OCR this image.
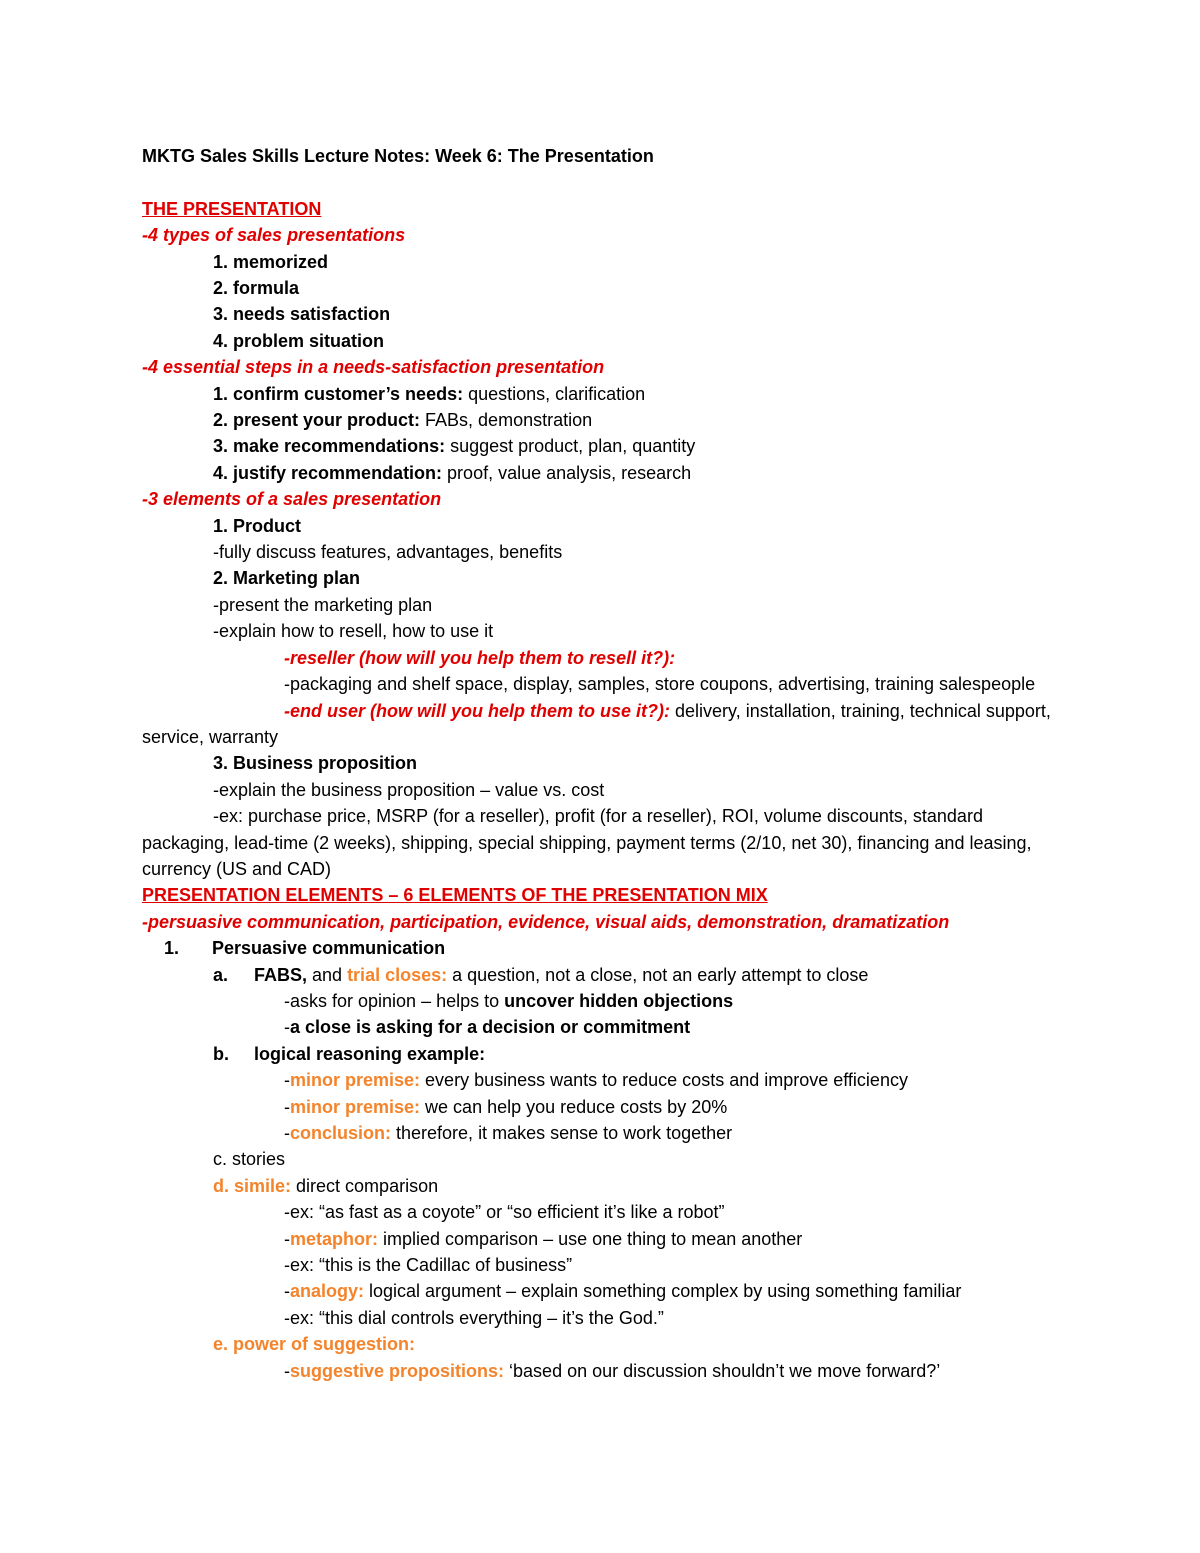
MKTG Sales Skills Lecture Notes: Week 6: The Presentation

THE PRESENTATION

-4 types of sales presentations

1. memorized

2. formula

3. needs satisfaction

4. problem situation

-4 essential steps in a needs-satisfaction presentation

1. confirm customer’s needs: questions, clarification

2. present your product: FABs, demonstration

3. make recommendations: suggest product, plan, quantity

4. justify recommendation: proof, value analysis, research

-3 elements of a sales presentation

1. Product

-fully discuss features, advantages, benefits

2. Marketing plan

-present the marketing plan

-explain how to resell, how to use it

-reseller (how will you help them to resell it?):

-packaging and shelf space, display, samples, store coupons, advertising, training salespeople

-end user (how will you help them to use it?): delivery, installation, training, technical support, service, warranty

3. Business proposition

-explain the business proposition – value vs. cost

-ex: purchase price, MSRP (for a reseller), profit (for a reseller), ROI, volume discounts, standard packaging, lead-time (2 weeks), shipping, special shipping, payment terms (2/10, net 30), financing and leasing, currency (US and CAD)

PRESENTATION ELEMENTS – 6 ELEMENTS OF THE PRESENTATION MIX

-persuasive communication, participation, evidence, visual aids, demonstration, dramatization

1. Persuasive communication

a. FABS, and trial closes: a question, not a close, not an early attempt to close

-asks for opinion – helps to uncover hidden objections

-a close is asking for a decision or commitment

b. logical reasoning example:

-minor premise: every business wants to reduce costs and improve efficiency

-minor premise: we can help you reduce costs by 20%

-conclusion: therefore, it makes sense to work together

c. stories

d. simile: direct comparison

-ex: “as fast as a coyote” or “so efficient it’s like a robot”

-metaphor: implied comparison – use one thing to mean another

-ex: “this is the Cadillac of business”

-analogy: logical argument – explain something complex by using something familiar

-ex: “this dial controls everything – it’s the God.”

e. power of suggestion:

-suggestive propositions: ‘based on our discussion shouldn’t we move forward?’
